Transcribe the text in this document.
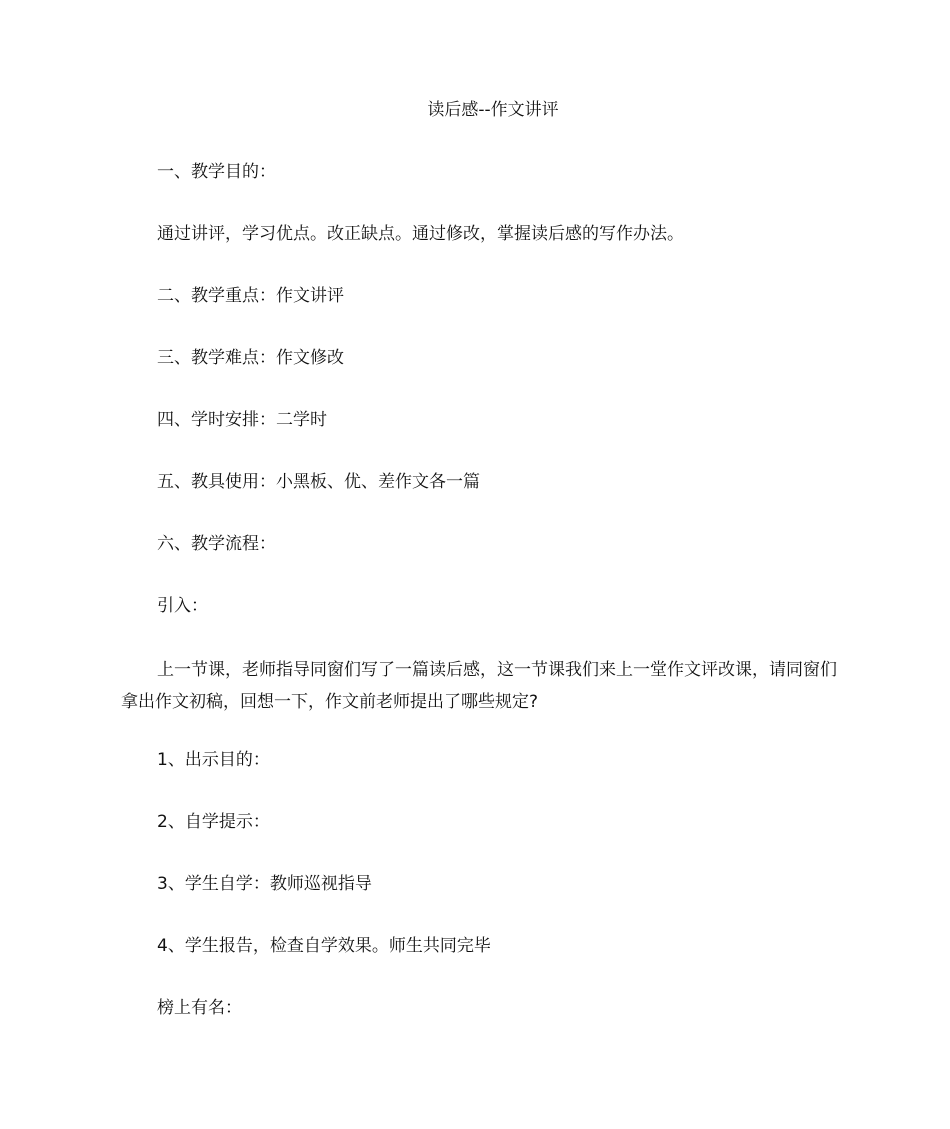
读后感--作文讲评
一、教学目的：
通过讲评，学习优点。改正缺点。通过修改，掌握读后感的写作办法。
二、教学重点：作文讲评
三、教学难点：作文修改
四、学时安排：二学时
五、教具使用：小黑板、优、差作文各一篇
六、教学流程：
引入：
上一节课，老师指导同窗们写了一篇读后感，这一节课我们来上一堂作文评改课，请同窗们拿出作文初稿，回想一下，作文前老师提出了哪些规定?
1、出示目的：
2、自学提示：
3、学生自学：教师巡视指导
4、学生报告，检查自学效果。师生共同完毕
榜上有名：
